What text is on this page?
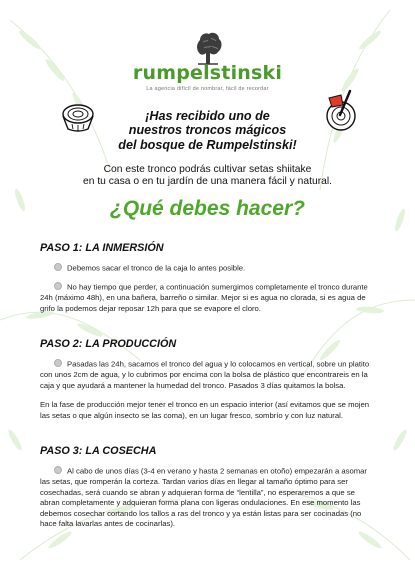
rumpelstinski
La agencia difícil de nombrar, fácil de recordar
¡Has recibido uno de
nuestros troncos mágicos
del bosque de Rumpelstinski!
Con este tronco podrás cultivar setas shiitake
en tu casa o en tu jardín de una manera fácil y natural.
¿Qué debes hacer?
PASO 1: LA INMERSIÓN
Debemos sacar el tronco de la caja lo antes posible.
No hay tiempo que perder, a continuación sumergimos completamente el tronco durante 24h (máximo 48h), en una bañera, barreño o similar. Mejor si es agua no clorada, si es agua de grifo la podemos dejar reposar 12h para que se evapore el cloro.
PASO 2: LA PRODUCCIÓN
Pasadas las 24h, sacamos el tronco del agua y lo colocamos en vertical, sobre un platito con unos 2cm de agua, y lo cubrimos por encima con la bolsa de plástico que encontrareis en la caja y que ayudará a mantener la humedad del tronco. Pasados 3 días quitamos la bolsa.
En la fase de producción mejor tener el tronco en un espacio interior (así evitamos que se mojen las setas o que algún insecto se las coma), en un lugar fresco, sombrío y con luz natural.
PASO 3: LA COSECHA
Al cabo de unos días (3-4 en verano y hasta 2 semanas en otoño) empezarán a asomar las setas, que romperán la corteza. Tardan varios días en llegar al tamaño óptimo para ser cosechadas, será cuando se abran y adquieran forma de “lentilla”, no esperaremos a que se abran completamente y adquieran forma plana con ligeras ondulaciones. En ese momento las debemos cosechar cortando los tallos a ras del tronco y ya están listas para ser cocinadas (no hace falta lavarlas antes de cocinarlas).
